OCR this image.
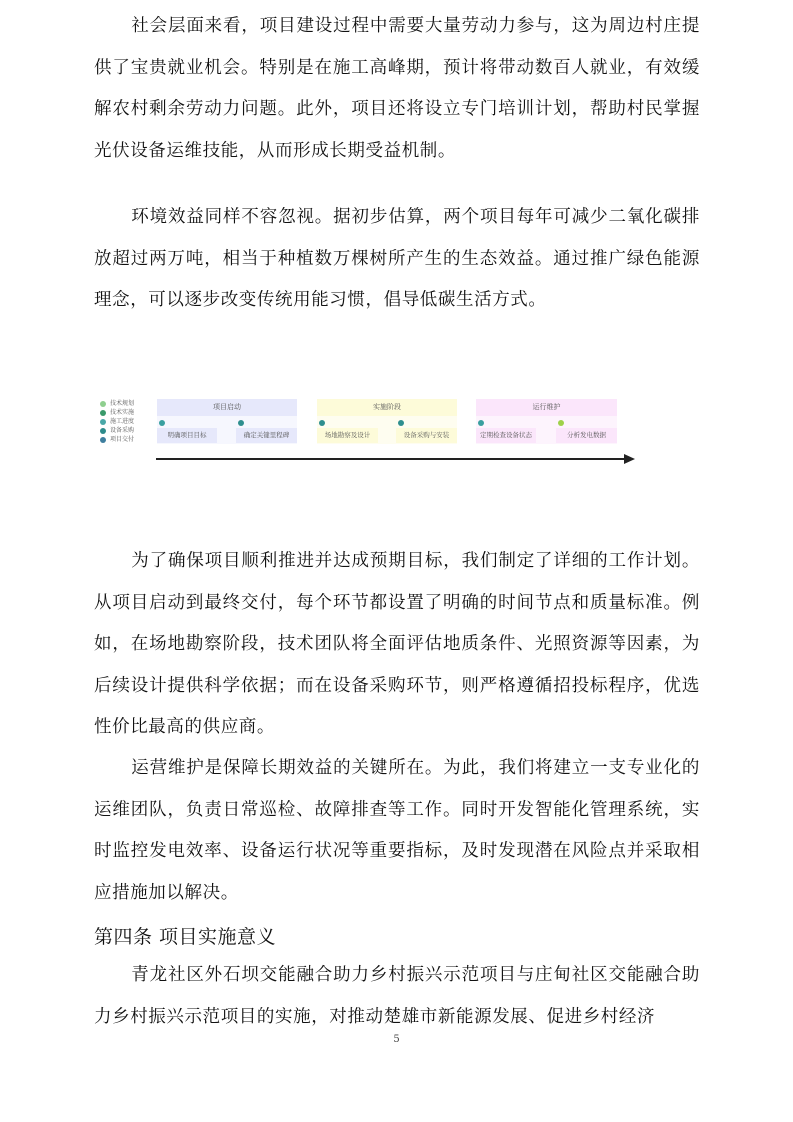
社会层面来看，项目建设过程中需要大量劳动力参与，这为周边村庄提供了宝贵就业机会。特别是在施工高峰期，预计将带动数百人就业，有效缓解农村剩余劳动力问题。此外，项目还将设立专门培训计划，帮助村民掌握光伏设备运维技能，从而形成长期受益机制。

环境效益同样不容忽视。据初步估算，两个项目每年可减少二氧化碳排放超过两万吨，相当于种植数万棵树所产生的生态效益。通过推广绿色能源理念，可以逐步改变传统用能习惯，倡导低碳生活方式。

技术规划
技术实施
施工进度
设备采购
项目交付
项目启动	实施阶段	运行维护
明确项目目标	确定关键里程碑	场地勘察及设计	设备采购与安装	定期检查设备状态	分析发电数据

为了确保项目顺利推进并达成预期目标，我们制定了详细的工作计划。从项目启动到最终交付，每个环节都设置了明确的时间节点和质量标准。例如，在场地勘察阶段，技术团队将全面评估地质条件、光照资源等因素，为后续设计提供科学依据；而在设备采购环节，则严格遵循招投标程序，优选性价比最高的供应商。

运营维护是保障长期效益的关键所在。为此，我们将建立一支专业化的运维团队，负责日常巡检、故障排查等工作。同时开发智能化管理系统，实时监控发电效率、设备运行状况等重要指标，及时发现潜在风险点并采取相应措施加以解决。

第四条 项目实施意义

青龙社区外石坝交能融合助力乡村振兴示范项目与庄甸社区交能融合助力乡村振兴示范项目的实施，对推动楚雄市新能源发展、促进乡村经济

5
